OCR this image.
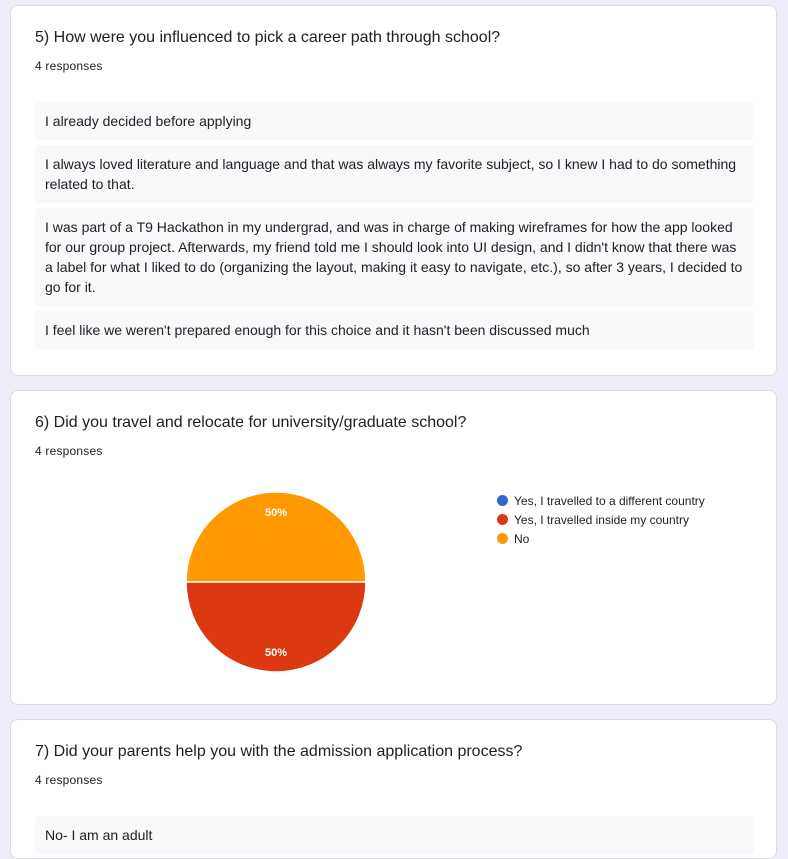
5) How were you influenced to pick a career path through school?
4 responses
I already decided before applying
I always loved literature and language and that was always my favorite subject, so I knew I had to do something related to that.
I was part of a T9 Hackathon in my undergrad, and was in charge of making wireframes for how the app looked for our group project. Afterwards, my friend told me I should look into UI design, and I didn't know that there was a label for what I liked to do (organizing the layout, making it easy to navigate, etc.), so after 3 years, I decided to go for it.
I feel like we weren't prepared enough for this choice and it hasn't been discussed much
6) Did you travel and relocate for university/graduate school?
4 responses
50%
50%
Yes, I travelled to a different country
Yes, I travelled inside my country
No
7) Did your parents help you with the admission application process?
4 responses
No- I am an adult
